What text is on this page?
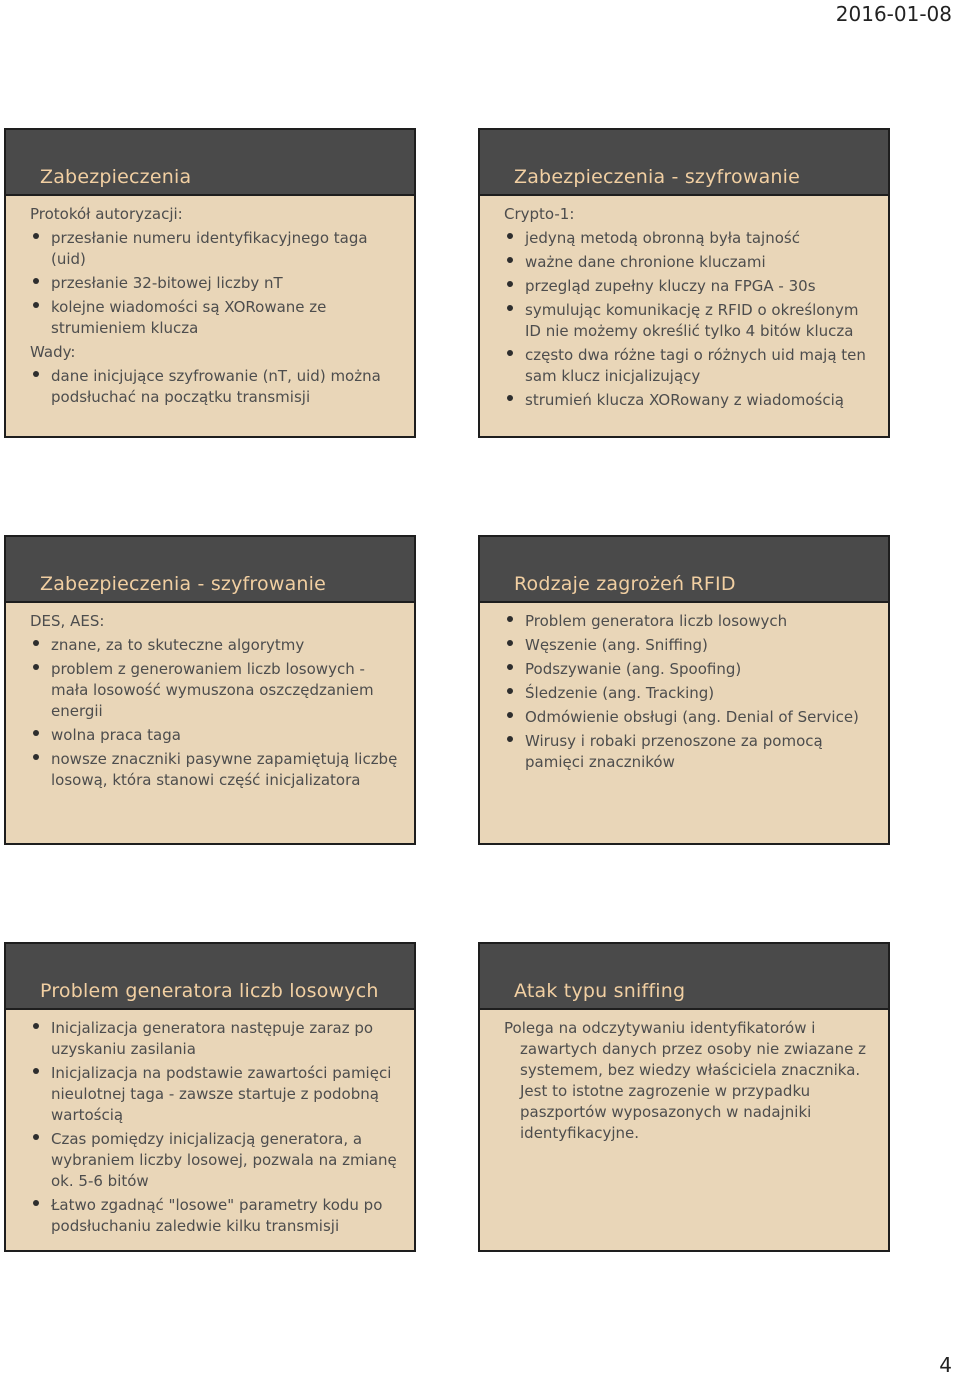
2016-01-08
Zabezpieczenia
Protokół autoryzacji:
przesłanie numeru identyfikacyjnego taga (uid)
przesłanie 32-bitowej liczby nT
kolejne wiadomości są XORowane ze strumieniem klucza
Wady:
dane inicjujące szyfrowanie (nT, uid) można podsłuchać na początku transmisji
Zabezpieczenia - szyfrowanie
Crypto-1:
jedyną metodą obronną była tajność
ważne dane chronione kluczami
przegląd zupełny kluczy na FPGA - 30s
symulując komunikację z RFID o określonym ID nie możemy określić tylko 4 bitów klucza
często dwa różne tagi o różnych uid mają ten sam klucz inicjalizujący
strumień klucza XORowany z wiadomością
Zabezpieczenia - szyfrowanie
DES, AES:
znane, za to skuteczne algorytmy
problem z generowaniem liczb losowych - mała losowość wymuszona oszczędzaniem energii
wolna praca taga
nowsze znaczniki pasywne zapamiętują liczbę losową, która stanowi część inicjalizatora
Rodzaje zagrożeń RFID
Problem generatora liczb losowych
Węszenie (ang. Sniffing)
Podszywanie (ang. Spoofing)
Śledzenie (ang. Tracking)
Odmówienie obsługi (ang. Denial of Service)
Wirusy i robaki przenoszone za pomocą pamięci znaczników
Problem generatora liczb losowych
Inicjalizacja generatora następuje zaraz po uzyskaniu zasilania
Inicjalizacja na podstawie zawartości pamięci nieulotnej taga - zawsze startuje z podobną wartością
Czas pomiędzy inicjalizacją generatora, a wybraniem liczby losowej, pozwala na zmianę ok. 5-6 bitów
Łatwo zgadnąć "losowe" parametry kodu po podsłuchaniu zaledwie kilku transmisji
Atak typu sniffing
Polega na odczytywaniu identyfikatorów i zawartych danych przez osoby nie zwiazane z systemem, bez wiedzy właściciela znacznika. Jest to istotne zagrozenie w przypadku paszportów wyposazonych w nadajniki identyfikacyjne.
4
